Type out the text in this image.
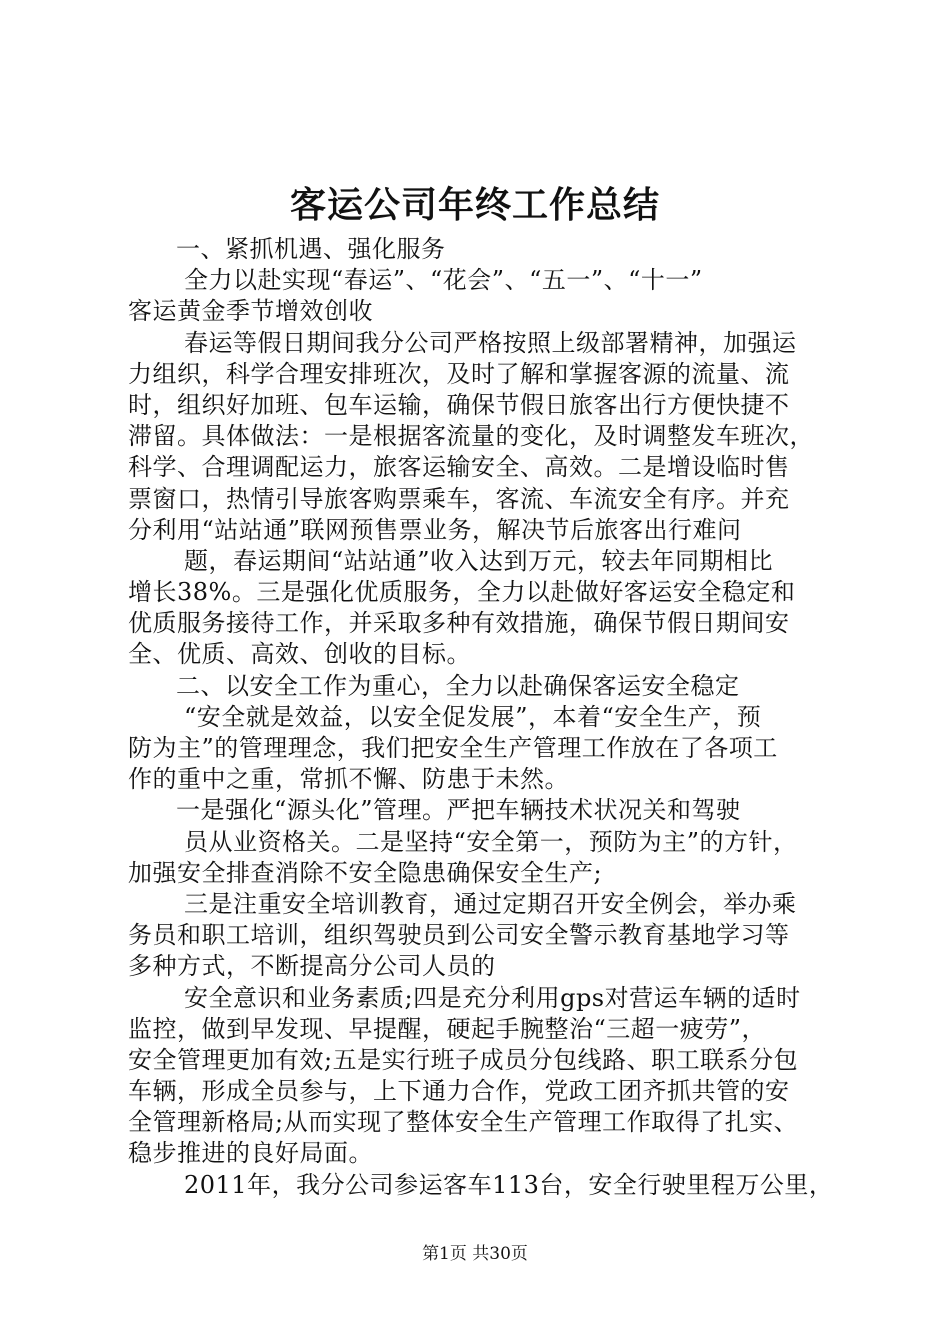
客运公司年终工作总结
一、紧抓机遇、强化服务
全力以赴实现“春运”、“花会”、“五一”、“十一”
客运黄金季节增效创收
春运等假日期间我分公司严格按照上级部署精神，加强运
力组织，科学合理安排班次，及时了解和掌握客源的流量、流
时，组织好加班、包车运输，确保节假日旅客出行方便快捷不
滞留。具体做法：一是根据客流量的变化，及时调整发车班次，
科学、合理调配运力，旅客运输安全、高效。二是增设临时售
票窗口，热情引导旅客购票乘车，客流、车流安全有序。并充
分利用“站站通”联网预售票业务，解决节后旅客出行难问
题，春运期间“站站通”收入达到万元，较去年同期相比
增长38%。三是强化优质服务，全力以赴做好客运安全稳定和
优质服务接待工作，并采取多种有效措施，确保节假日期间安
全、优质、高效、创收的目标。
二、以安全工作为重心，全力以赴确保客运安全稳定
“安全就是效益，以安全促发展”，本着“安全生产，预
防为主”的管理理念，我们把安全生产管理工作放在了各项工
作的重中之重，常抓不懈、防患于未然。
一是强化“源头化”管理。严把车辆技术状况关和驾驶
员从业资格关。二是坚持“安全第一，预防为主”的方针，
加强安全排查消除不安全隐患确保安全生产;
三是注重安全培训教育，通过定期召开安全例会，举办乘
务员和职工培训，组织驾驶员到公司安全警示教育基地学习等
多种方式，不断提高分公司人员的
安全意识和业务素质;四是充分利用gps对营运车辆的适时
监控，做到早发现、早提醒，硬起手腕整治“三超一疲劳”，
安全管理更加有效;五是实行班子成员分包线路、职工联系分包
车辆，形成全员参与，上下通力合作，党政工团齐抓共管的安
全管理新格局;从而实现了整体安全生产管理工作取得了扎实、
稳步推进的良好局面。
2011年，我分公司参运客车113台，安全行驶里程万公里，
第1页 共30页
